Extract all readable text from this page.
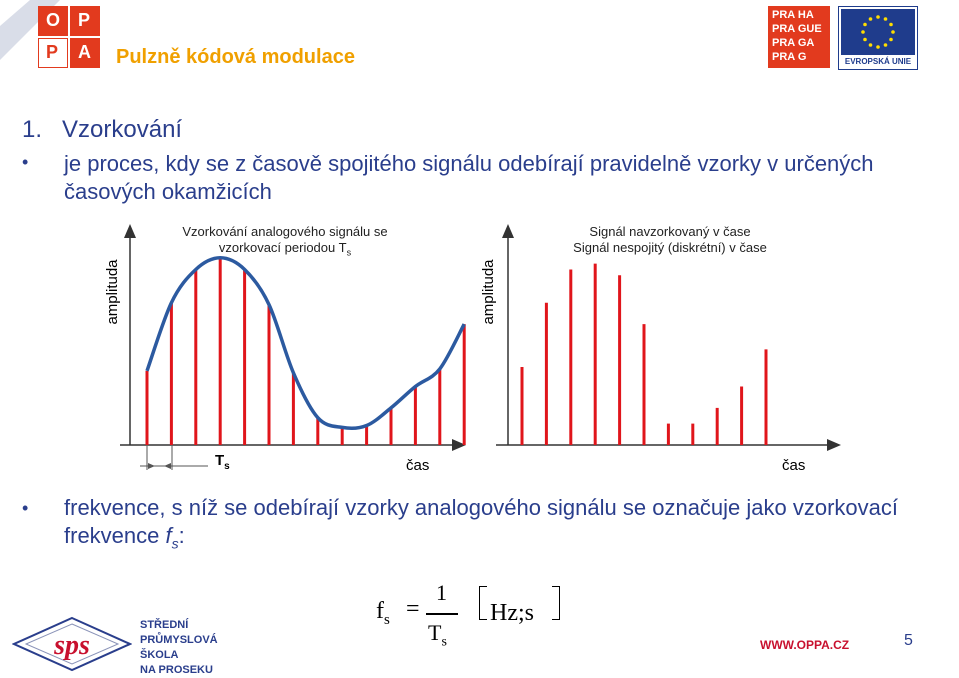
O P
P A Pulzně kódová modulace
PRA HA
PRA GUE
PRA GA
PRA G	EVROPSKÁ UNIE
1.   Vzorkování
• je proces, kdy se z časově spojitého signálu odebírají pravidelně vzorky v určených časových okamžicích
amplituda
Vzorkování analogového signálu se
vzorkovací periodou $T_s$
$T_s$	čas
amplituda
Signál navzorkovaný v čase
Signál nespojitý (diskrétní) v čase
čas
• frekvence, s níž se odebírají vzorky analogového signálu se označuje jako vzorkovací frekvence $f_s$:
$f_s$ =
1
$T_s$
Hz;s
sps
STŘEDNÍ
PRŮMYSLOVÁ
ŠKOLA
NA PROSEKU
WWW.OPPA.CZ	5
